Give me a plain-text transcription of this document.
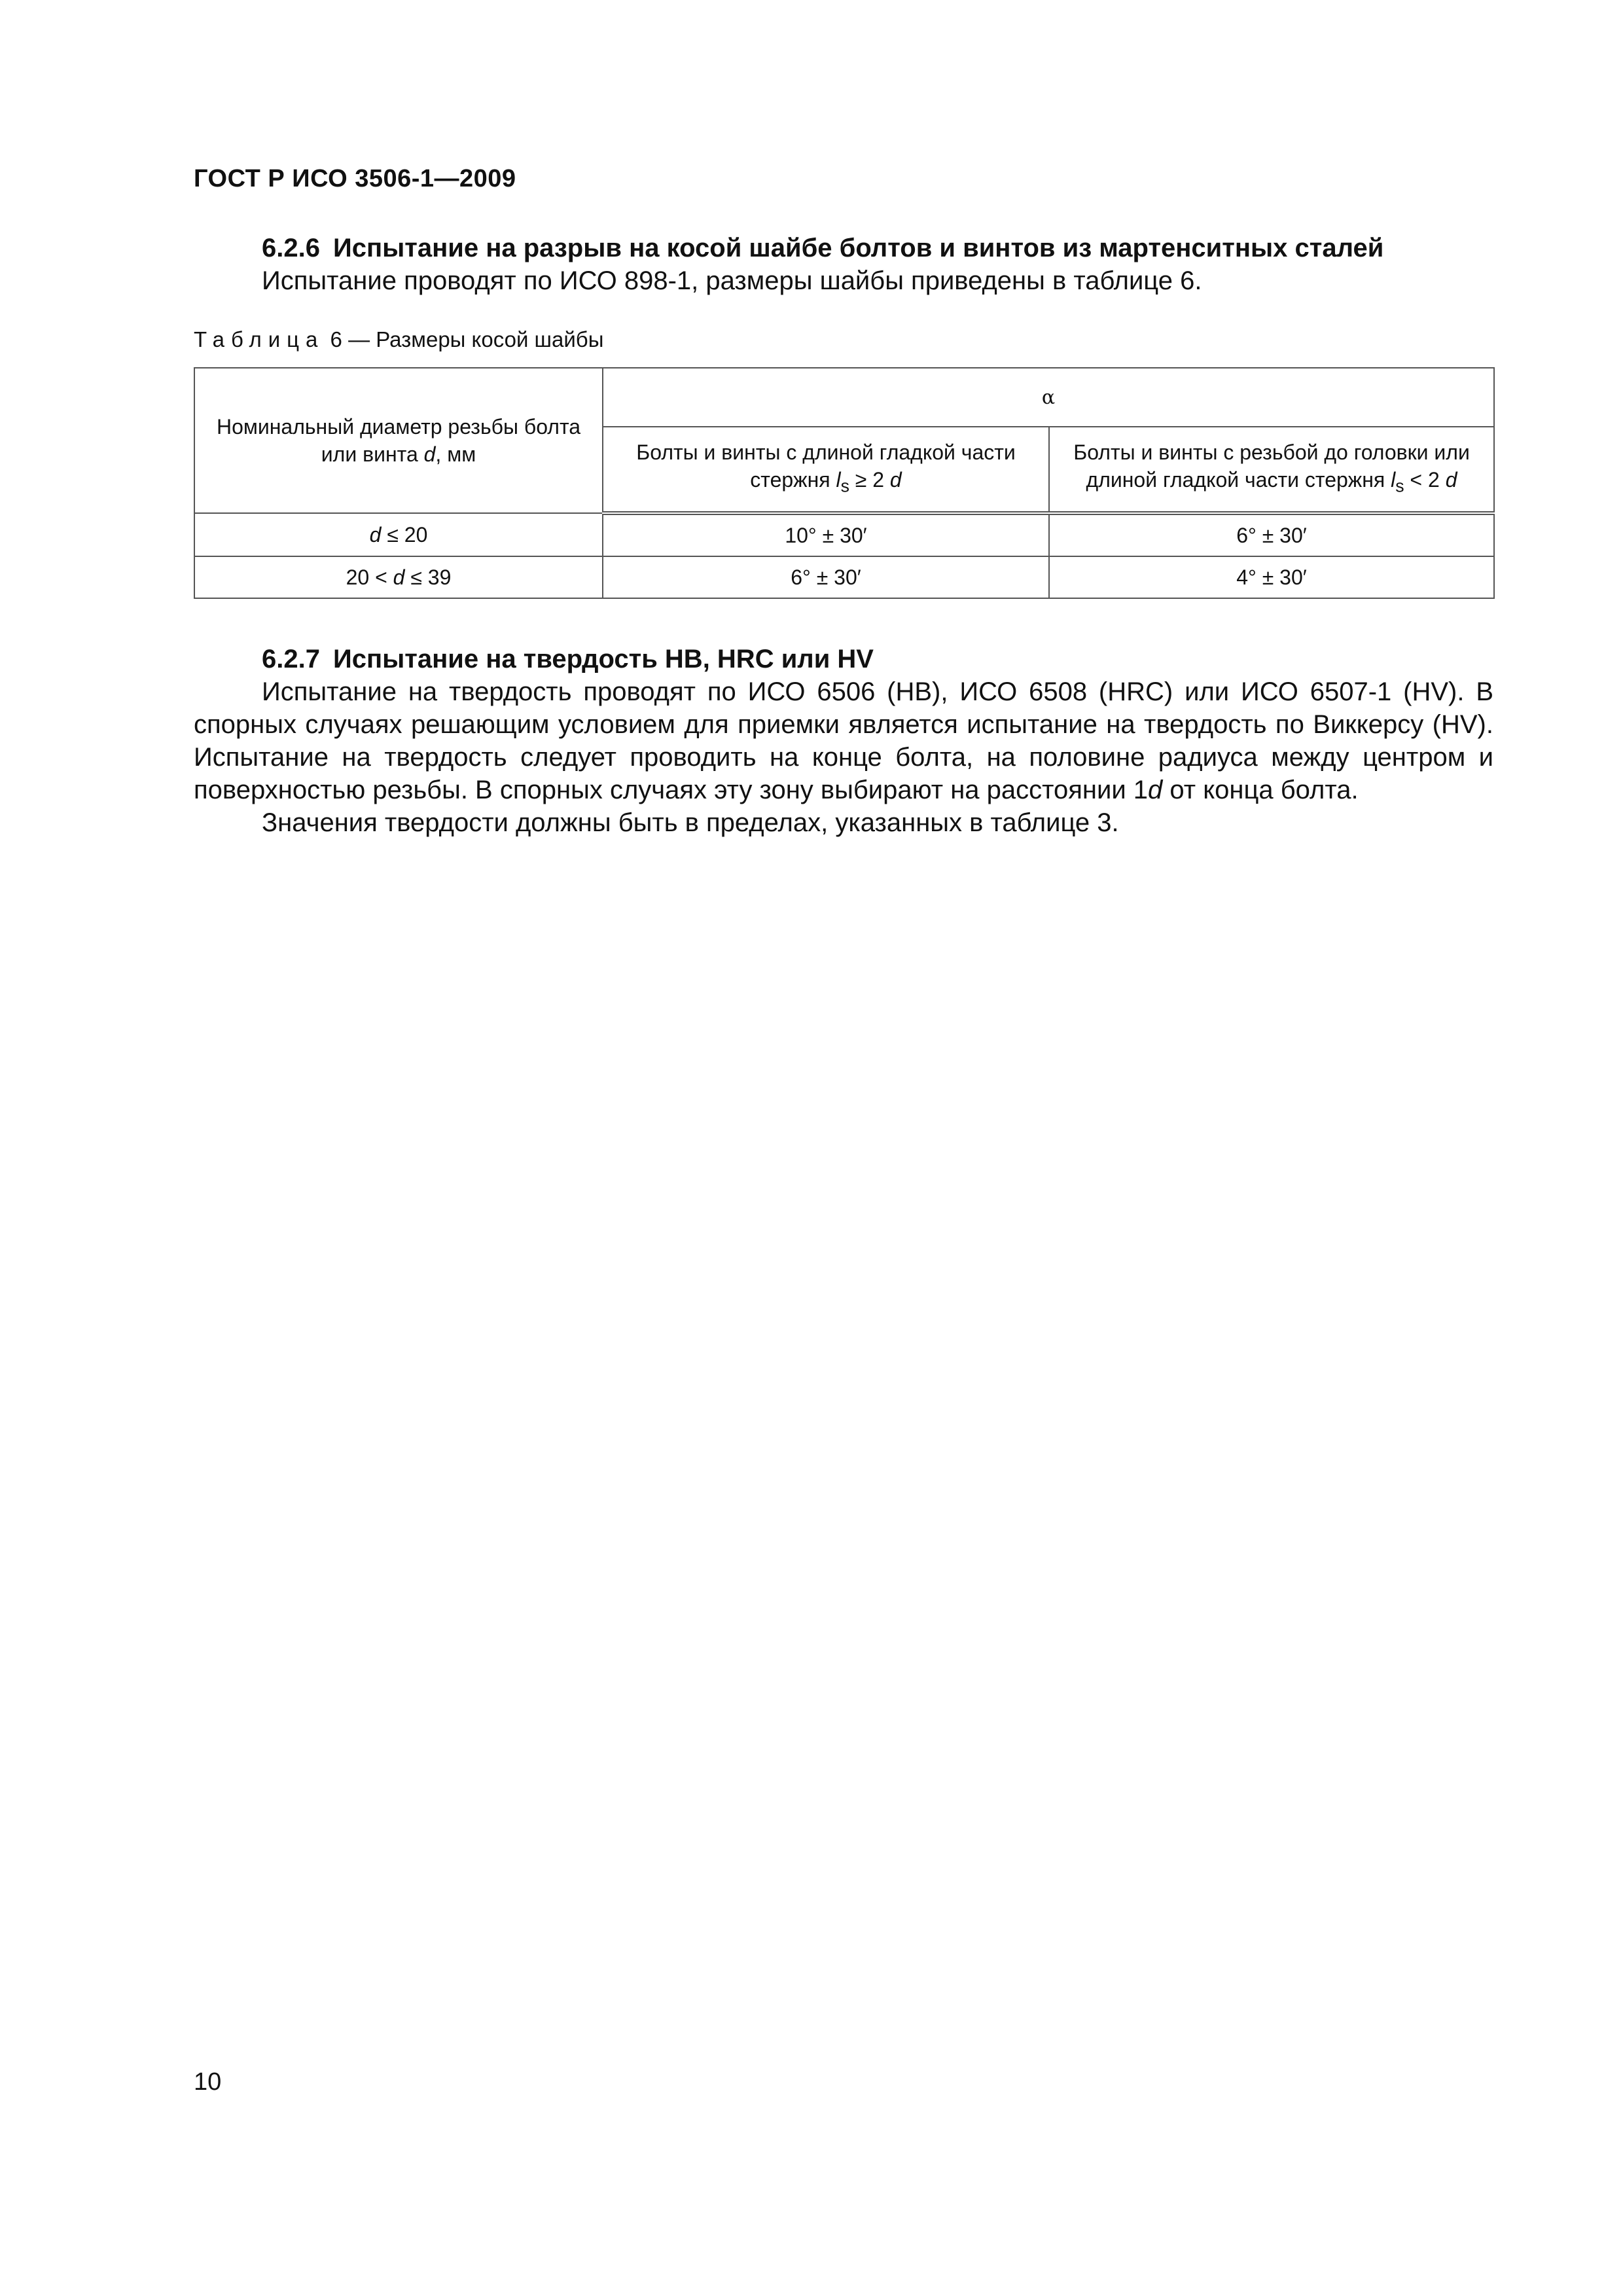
ГОСТ Р ИСО 3506-1—2009
6.2.6 Испытание на разрыв на косой шайбе болтов и винтов из мартенситных сталей
Испытание проводят по ИСО 898-1, размеры шайбы приведены в таблице 6.
Таблица 6 — Размеры косой шайбы
Номинальный диаметр резьбы болта или винта d, мм	α	
	Болты и винты с длиной гладкой части стержня $l_s \ge 2$ d	Болты и винты с резьбой до головки или длиной гладкой части стержня $l_s < 2$ d
d ≤ 20	10° ± 30′	6° ± 30′
20 < d ≤ 39	6° ± 30′	4° ± 30′
6.2.7 Испытание на твердость HB, HRC или HV
Испытание на твердость проводят по ИСО 6506 (HB), ИСО 6508 (HRC) или ИСО 6507-1 (HV). В спорных случаях решающим условием для приемки является испытание на твердость по Виккерсу (HV). Испытание на твердость следует проводить на конце болта, на половине радиуса между центром и поверхностью резьбы. В спорных случаях эту зону выбирают на расстоянии 1d от конца болта.
Значения твердости должны быть в пределах, указанных в таблице 3.
10
